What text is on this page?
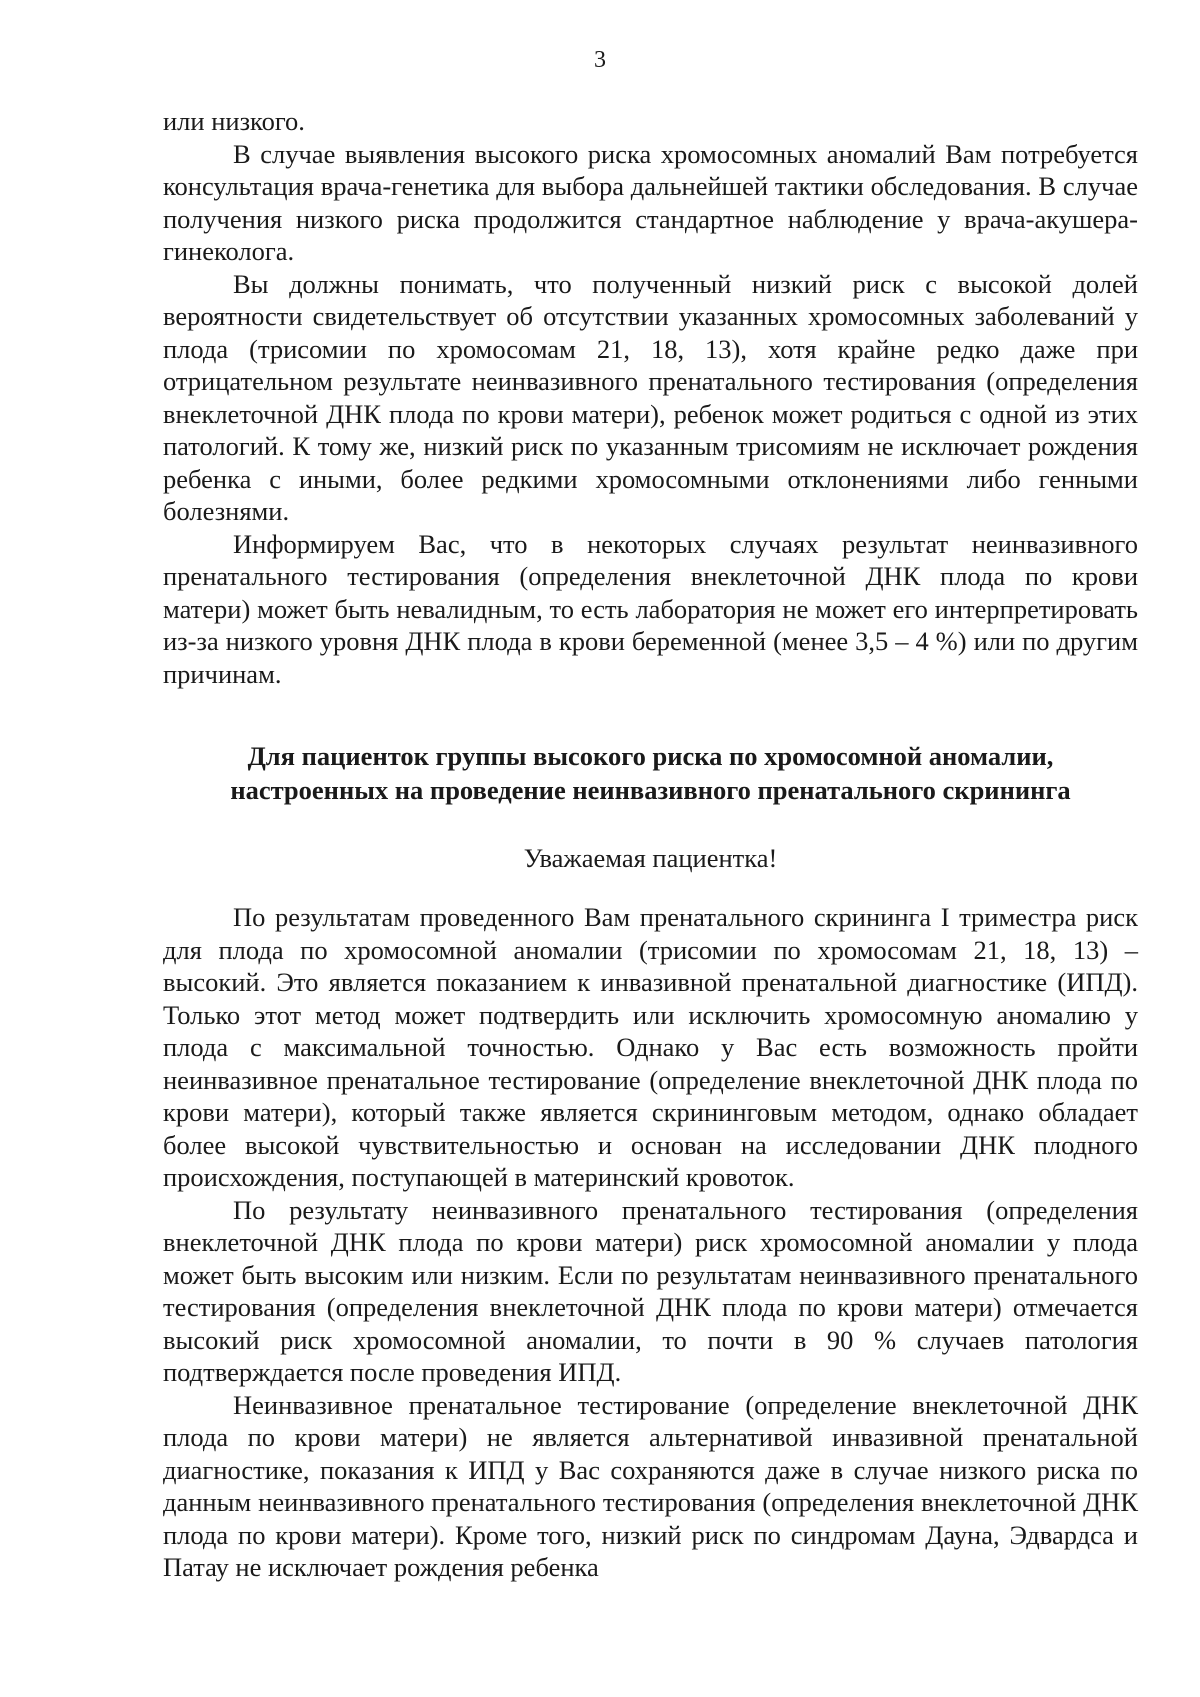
3

или низкого.

В случае выявления высокого риска хромосомных аномалий Вам потребуется консультация врача-генетика для выбора дальнейшей тактики обследования. В случае получения низкого риска продолжится стандартное наблюдение у врача-акушера-гинеколога.

Вы должны понимать, что полученный низкий риск с высокой долей вероятности свидетельствует об отсутствии указанных хромосомных заболеваний у плода (трисомии по хромосомам 21, 18, 13), хотя крайне редко даже при отрицательном результате неинвазивного пренатального тестирования (определения внеклеточной ДНК плода по крови матери), ребенок может родиться с одной из этих патологий. К тому же, низкий риск по указанным трисомиям не исключает рождения ребенка с иными, более редкими хромосомными отклонениями либо генными болезнями.

Информируем Вас, что в некоторых случаях результат неинвазивного пренатального тестирования (определения внеклеточной ДНК плода по крови матери) может быть невалидным, то есть лаборатория не может его интерпретировать из-за низкого уровня ДНК плода в крови беременной (менее 3,5 – 4 %) или по другим причинам.

Для пациенток группы высокого риска по хромосомной аномалии,
настроенных на проведение неинвазивного пренатального скрининга
Уважаемая пациентка!

По результатам проведенного Вам пренатального скрининга I триместра риск для плода по хромосомной аномалии (трисомии по хромосомам 21, 18, 13) – высокий. Это является показанием к инвазивной пренатальной диагностике (ИПД). Только этот метод может подтвердить или исключить хромосомную аномалию у плода с максимальной точностью. Однако у Вас есть возможность пройти неинвазивное пренатальное тестирование (определение внеклеточной ДНК плода по крови матери), который также является скрининговым методом, однако обладает более высокой чувствительностью и основан на исследовании ДНК плодного происхождения, поступающей в материнский кровоток.

По результату неинвазивного пренатального тестирования (определения внеклеточной ДНК плода по крови матери) риск хромосомной аномалии у плода может быть высоким или низким. Если по результатам неинвазивного пренатального тестирования (определения внеклеточной ДНК плода по крови матери) отмечается высокий риск хромосомной аномалии, то почти в 90 % случаев патология подтверждается после проведения ИПД.

Неинвазивное пренатальное тестирование (определение внеклеточной ДНК плода по крови матери) не является альтернативой инвазивной пренатальной диагностике, показания к ИПД у Вас сохраняются даже в случае низкого риска по данным неинвазивного пренатального тестирования (определения внеклеточной ДНК плода по крови матери). Кроме того, низкий риск по синдромам Дауна, Эдвардса и Патау не исключает рождения ребенка
